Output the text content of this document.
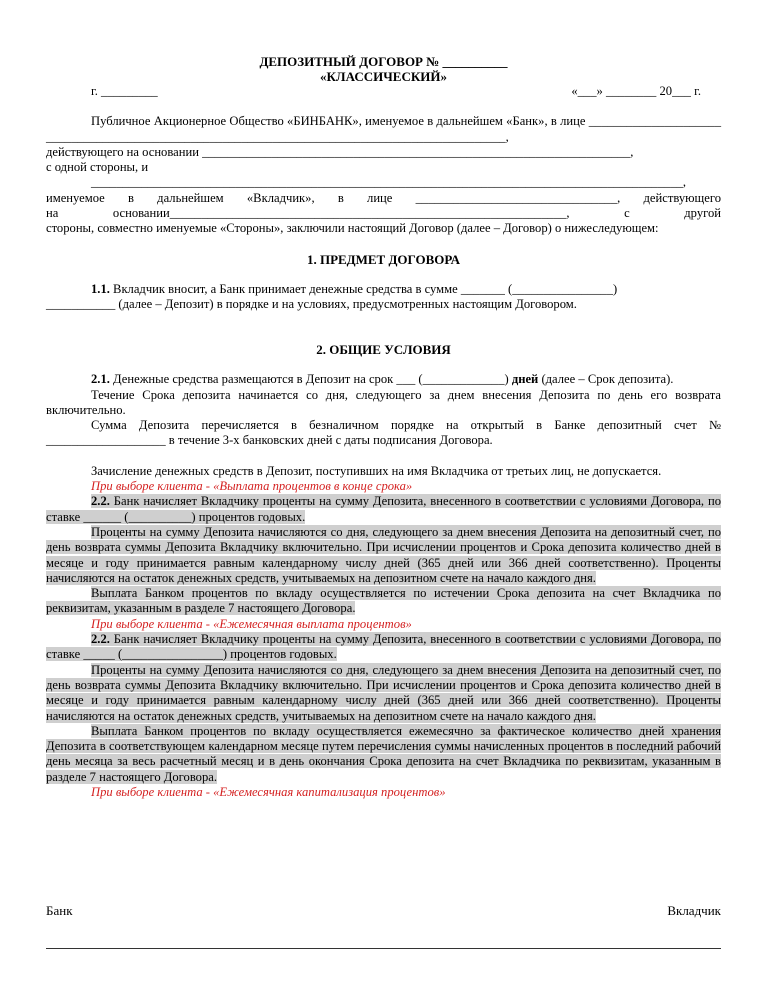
ДЕПОЗИТНЫЙ ДОГОВОР № __________
«КЛАССИЧЕСКИЙ»
г. _________	«___» ________ 20___ г.
Публичное Акционерное Общество «БИНБАНК», именуемое в дальнейшем «Банк», в лице ______________________________________________________________________________________________,
действующего на основании ____________________________________________________________________,
с одной стороны, и
______________________________________________________________________________________________,
именуемое в дальнейшем «Вкладчик», в лице ________________________________, действующего
на основании_______________________________________________________________, с другой
стороны, совместно именуемые «Стороны», заключили настоящий Договор (далее – Договор) о нижеследующем:
1. ПРЕДМЕТ ДОГОВОРА
1.1. Вкладчик вносит, а Банк принимает денежные средства в сумме _______ (________________)
___________ (далее – Депозит) в порядке и на условиях, предусмотренных настоящим Договором.
2. ОБЩИЕ УСЛОВИЯ
2.1. Денежные средства размещаются в Депозит на срок ___ (_____________) дней (далее – Срок депозита).
Течение Срока депозита начинается со дня, следующего за днем внесения Депозита по день его возврата включительно.
Сумма Депозита перечисляется в безналичном порядке на открытый в Банке депозитный счет № ___________________ в течение 3-х банковских дней с даты подписания Договора.
Зачисление денежных средств в Депозит, поступивших на имя Вкладчика от третьих лиц, не допускается.
При выборе клиента - «Выплата процентов в конце срока»
2.2. Банк начисляет Вкладчику проценты на сумму Депозита, внесенного в соответствии с условиями Договора, по ставке ______ (__________) процентов годовых.
Проценты на сумму Депозита начисляются со дня, следующего за днем внесения Депозита на депозитный счет, по день возврата суммы Депозита Вкладчику включительно. При исчислении процентов и Срока депозита количество дней в месяце и году принимается равным календарному числу дней (365 дней или 366 дней соответственно). Проценты начисляются на остаток денежных средств, учитываемых на депозитном счете на начало каждого дня.
Выплата Банком процентов по вкладу осуществляется по истечении Срока депозита на счет Вкладчика по реквизитам, указанным в разделе 7 настоящего Договора.
При выборе клиента - «Ежемесячная выплата процентов»
2.2. Банк начисляет Вкладчику проценты на сумму Депозита, внесенного в соответствии с условиями Договора, по ставке _____ (________________) процентов годовых.
Проценты на сумму Депозита начисляются со дня, следующего за днем внесения Депозита на депозитный счет, по день возврата суммы Депозита Вкладчику включительно. При исчислении процентов и Срока депозита количество дней в месяце и году принимается равным календарному числу дней (365 дней или 366 дней соответственно). Проценты начисляются на остаток денежных средств, учитываемых на депозитном счете на начало каждого дня.
Выплата Банком процентов по вкладу осуществляется ежемесячно за фактическое количество дней хранения Депозита в соответствующем календарном месяце путем перечисления суммы начисленных процентов в последний рабочий день месяца за весь расчетный месяц и в день окончания Срока депозита на счет Вкладчика по реквизитам, указанным в разделе 7 настоящего Договора.
При выборе клиента - «Ежемесячная капитализация процентов»
Банк	Вкладчик
